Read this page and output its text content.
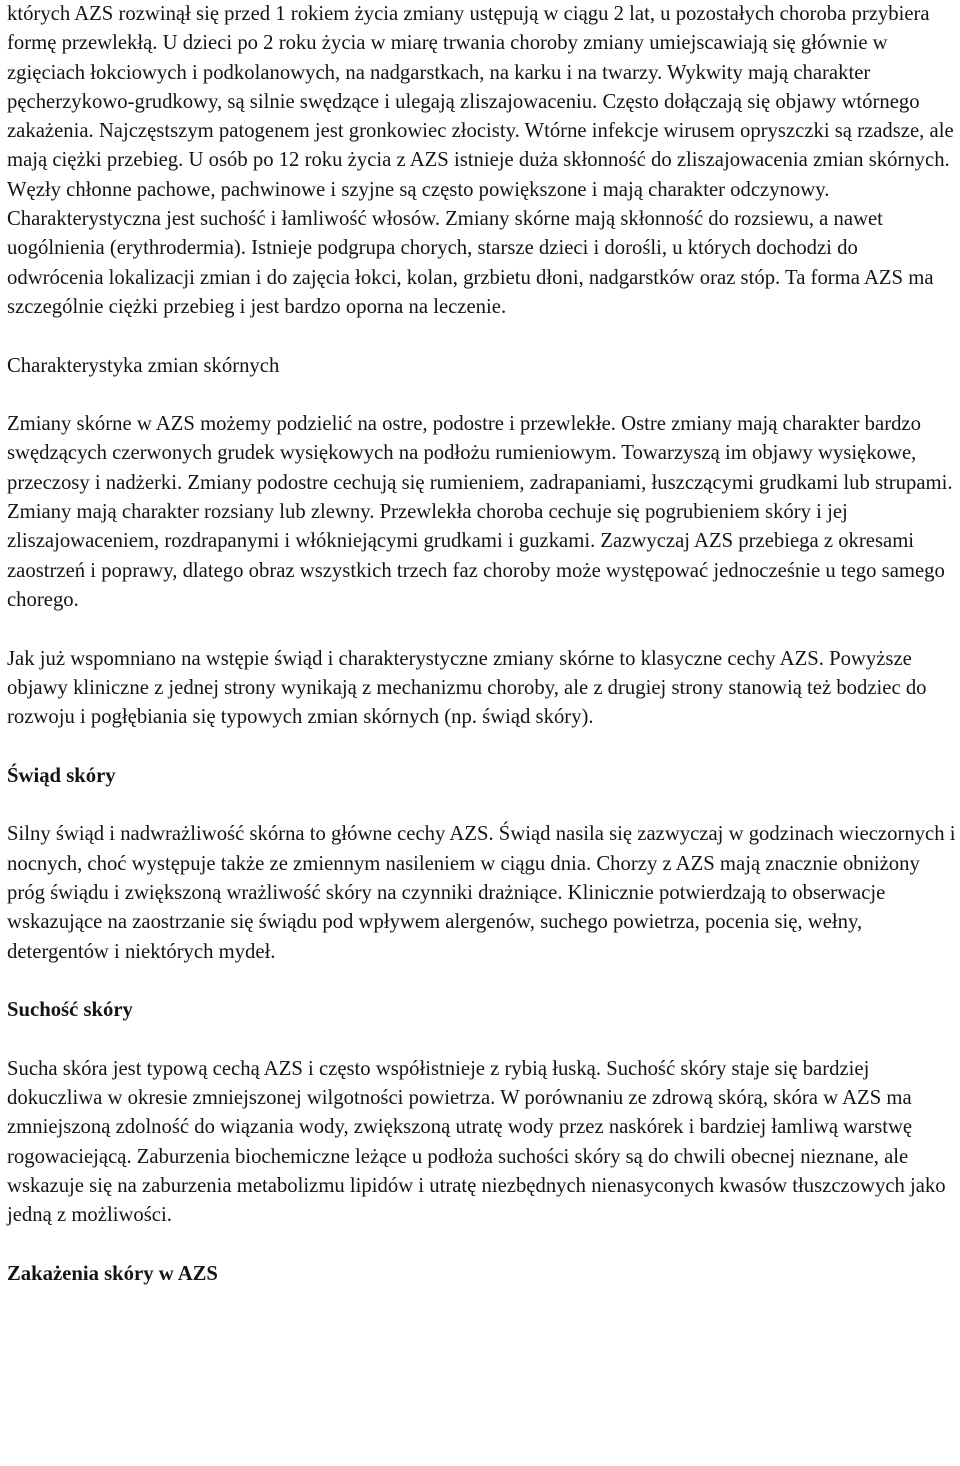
których AZS rozwinął się przed 1 rokiem życia zmiany ustępują w ciągu 2 lat, u pozostałych choroba przybiera formę przewlekłą. U dzieci po 2 roku życia w miarę trwania choroby zmiany umiejscawiają się głównie w zgięciach łokciowych i podkolanowych, na nadgarstkach, na karku i na twarzy. Wykwity mają charakter pęcherzykowo-grudkowy, są silnie swędzące i ulegają zliszajowaceniu. Często dołączają się objawy wtórnego zakażenia. Najczęstszym patogenem jest gronkowiec złocisty. Wtórne infekcje wirusem opryszczki są rzadsze, ale mają ciężki przebieg. U osób po 12 roku życia z AZS istnieje duża skłonność do zliszajowacenia zmian skórnych. Węzły chłonne pachowe, pachwinowe i szyjne są często powiększone i mają charakter odczynowy. Charakterystyczna jest suchość i łamliwość włosów. Zmiany skórne mają skłonność do rozsiewu, a nawet uogólnienia (erythrodermia). Istnieje podgrupa chorych, starsze dzieci i dorośli, u których dochodzi do odwrócenia lokalizacji zmian i do zajęcia łokci, kolan, grzbietu dłoni, nadgarstków oraz stóp. Ta forma AZS ma szczególnie ciężki przebieg i jest bardzo oporna na leczenie.

Charakterystyka zmian skórnych

Zmiany skórne w AZS możemy podzielić na ostre, podostre i przewlekłe. Ostre zmiany mają charakter bardzo swędzących czerwonych grudek wysiękowych na podłożu rumieniowym. Towarzyszą im objawy wysiękowe, przeczosy i nadżerki. Zmiany podostre cechują się rumieniem, zadrapaniami, łuszczącymi grudkami lub strupami. Zmiany mają charakter rozsiany lub zlewny. Przewlekła choroba cechuje się pogrubieniem skóry i jej zliszajowaceniem, rozdrapanymi i włókniejącymi grudkami i guzkami. Zazwyczaj AZS przebiega z okresami zaostrzeń i poprawy, dlatego obraz wszystkich trzech faz choroby może występować jednocześnie u tego samego chorego.

Jak już wspomniano na wstępie świąd i charakterystyczne zmiany skórne to klasyczne cechy AZS. Powyższe objawy kliniczne z jednej strony wynikają z mechanizmu choroby, ale z drugiej strony stanowią też bodziec do rozwoju i pogłębiania się typowych zmian skórnych (np. świąd skóry).

Świąd skóry

Silny świąd i nadwrażliwość skórna to główne cechy AZS. Świąd nasila się zazwyczaj w godzinach wieczornych i nocnych, choć występuje także ze zmiennym nasileniem w ciągu dnia. Chorzy z AZS mają znacznie obniżony próg świądu i zwiększoną wrażliwość skóry na czynniki drażniące. Klinicznie potwierdzają to obserwacje wskazujące na zaostrzanie się świądu pod wpływem alergenów, suchego powietrza, pocenia się, wełny, detergentów i niektórych mydeł.

Suchość skóry

Sucha skóra jest typową cechą AZS i często współistnieje z rybią łuską. Suchość skóry staje się bardziej dokuczliwa w okresie zmniejszonej wilgotności powietrza. W porównaniu ze zdrową skórą, skóra w AZS ma zmniejszoną zdolność do wiązania wody, zwiększoną utratę wody przez naskórek i bardziej łamliwą warstwę rogowaciejącą. Zaburzenia biochemiczne leżące u podłoża suchości skóry są do chwili obecnej nieznane, ale wskazuje się na zaburzenia metabolizmu lipidów i utratę niezbędnych nienasyconych kwasów tłuszczowych jako jedną z możliwości.

Zakażenia skóry w AZS
